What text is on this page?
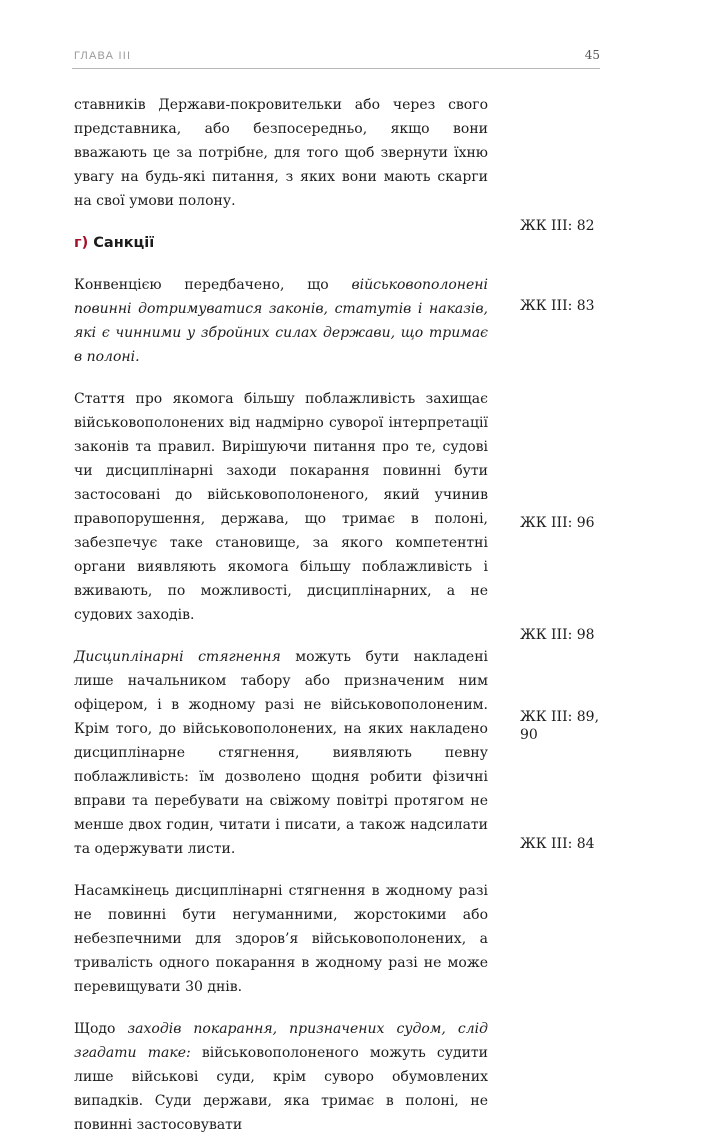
ГЛАВА III	45

ставників Держави-покровительки або через свого представника, або безпосередньо, якщо вони вважають це за потрібне, для того щоб звернути їхню увагу на будь-які питання, з яких вони мають скарги на свої умови полону.

г) Санкції

Конвенцією передбачено, що військовополонені повинні дотримуватися законів, статутів і наказів, які є чинними у збройних силах держави, що тримає в полоні.

Стаття про якомога більшу поблажливість захищає військовополонених від надмірно суворої інтерпретації законів та правил. Вирішуючи питання про те, судові чи дисциплінарні заходи покарання повинні бути застосовані до військовополоненого, який учинив правопорушення, держава, що тримає в полоні, забезпечує таке становище, за якого компетентні органи виявляють якомога більшу поблажливість і вживають, по можливості, дисциплінарних, а не судових заходів.

Дисциплінарні стягнення можуть бути накладені лише начальником табору або призначеним ним офіцером, і в жодному разі не військовополоненим. Крім того, до військовополонених, на яких накладено дисциплінарне стягнення, виявляють певну поблажливість: їм дозволено щодня робити фізичні вправи та перебувати на свіжому повітрі протягом не менше двох годин, читати і писати, а також надсилати та одержувати листи.

Насамкінець дисциплінарні стягнення в жодному разі не повинні бути негуманними, жорстокими або небезпечними для здоров’я військовополонених, а тривалість одного покарання в жодному разі не може перевищувати 30 днів.

Щодо заходів покарання, призначених судом, слід згадати таке: військовополоненого можуть судити лише військові суди, крім суворо обумовлених випадків. Суди держави, яка тримає в полоні, не повинні застосовувати

ЖК III: 82
ЖК III: 83
ЖК III: 96
ЖК III: 98
ЖК III: 89, 90
ЖК III: 84
